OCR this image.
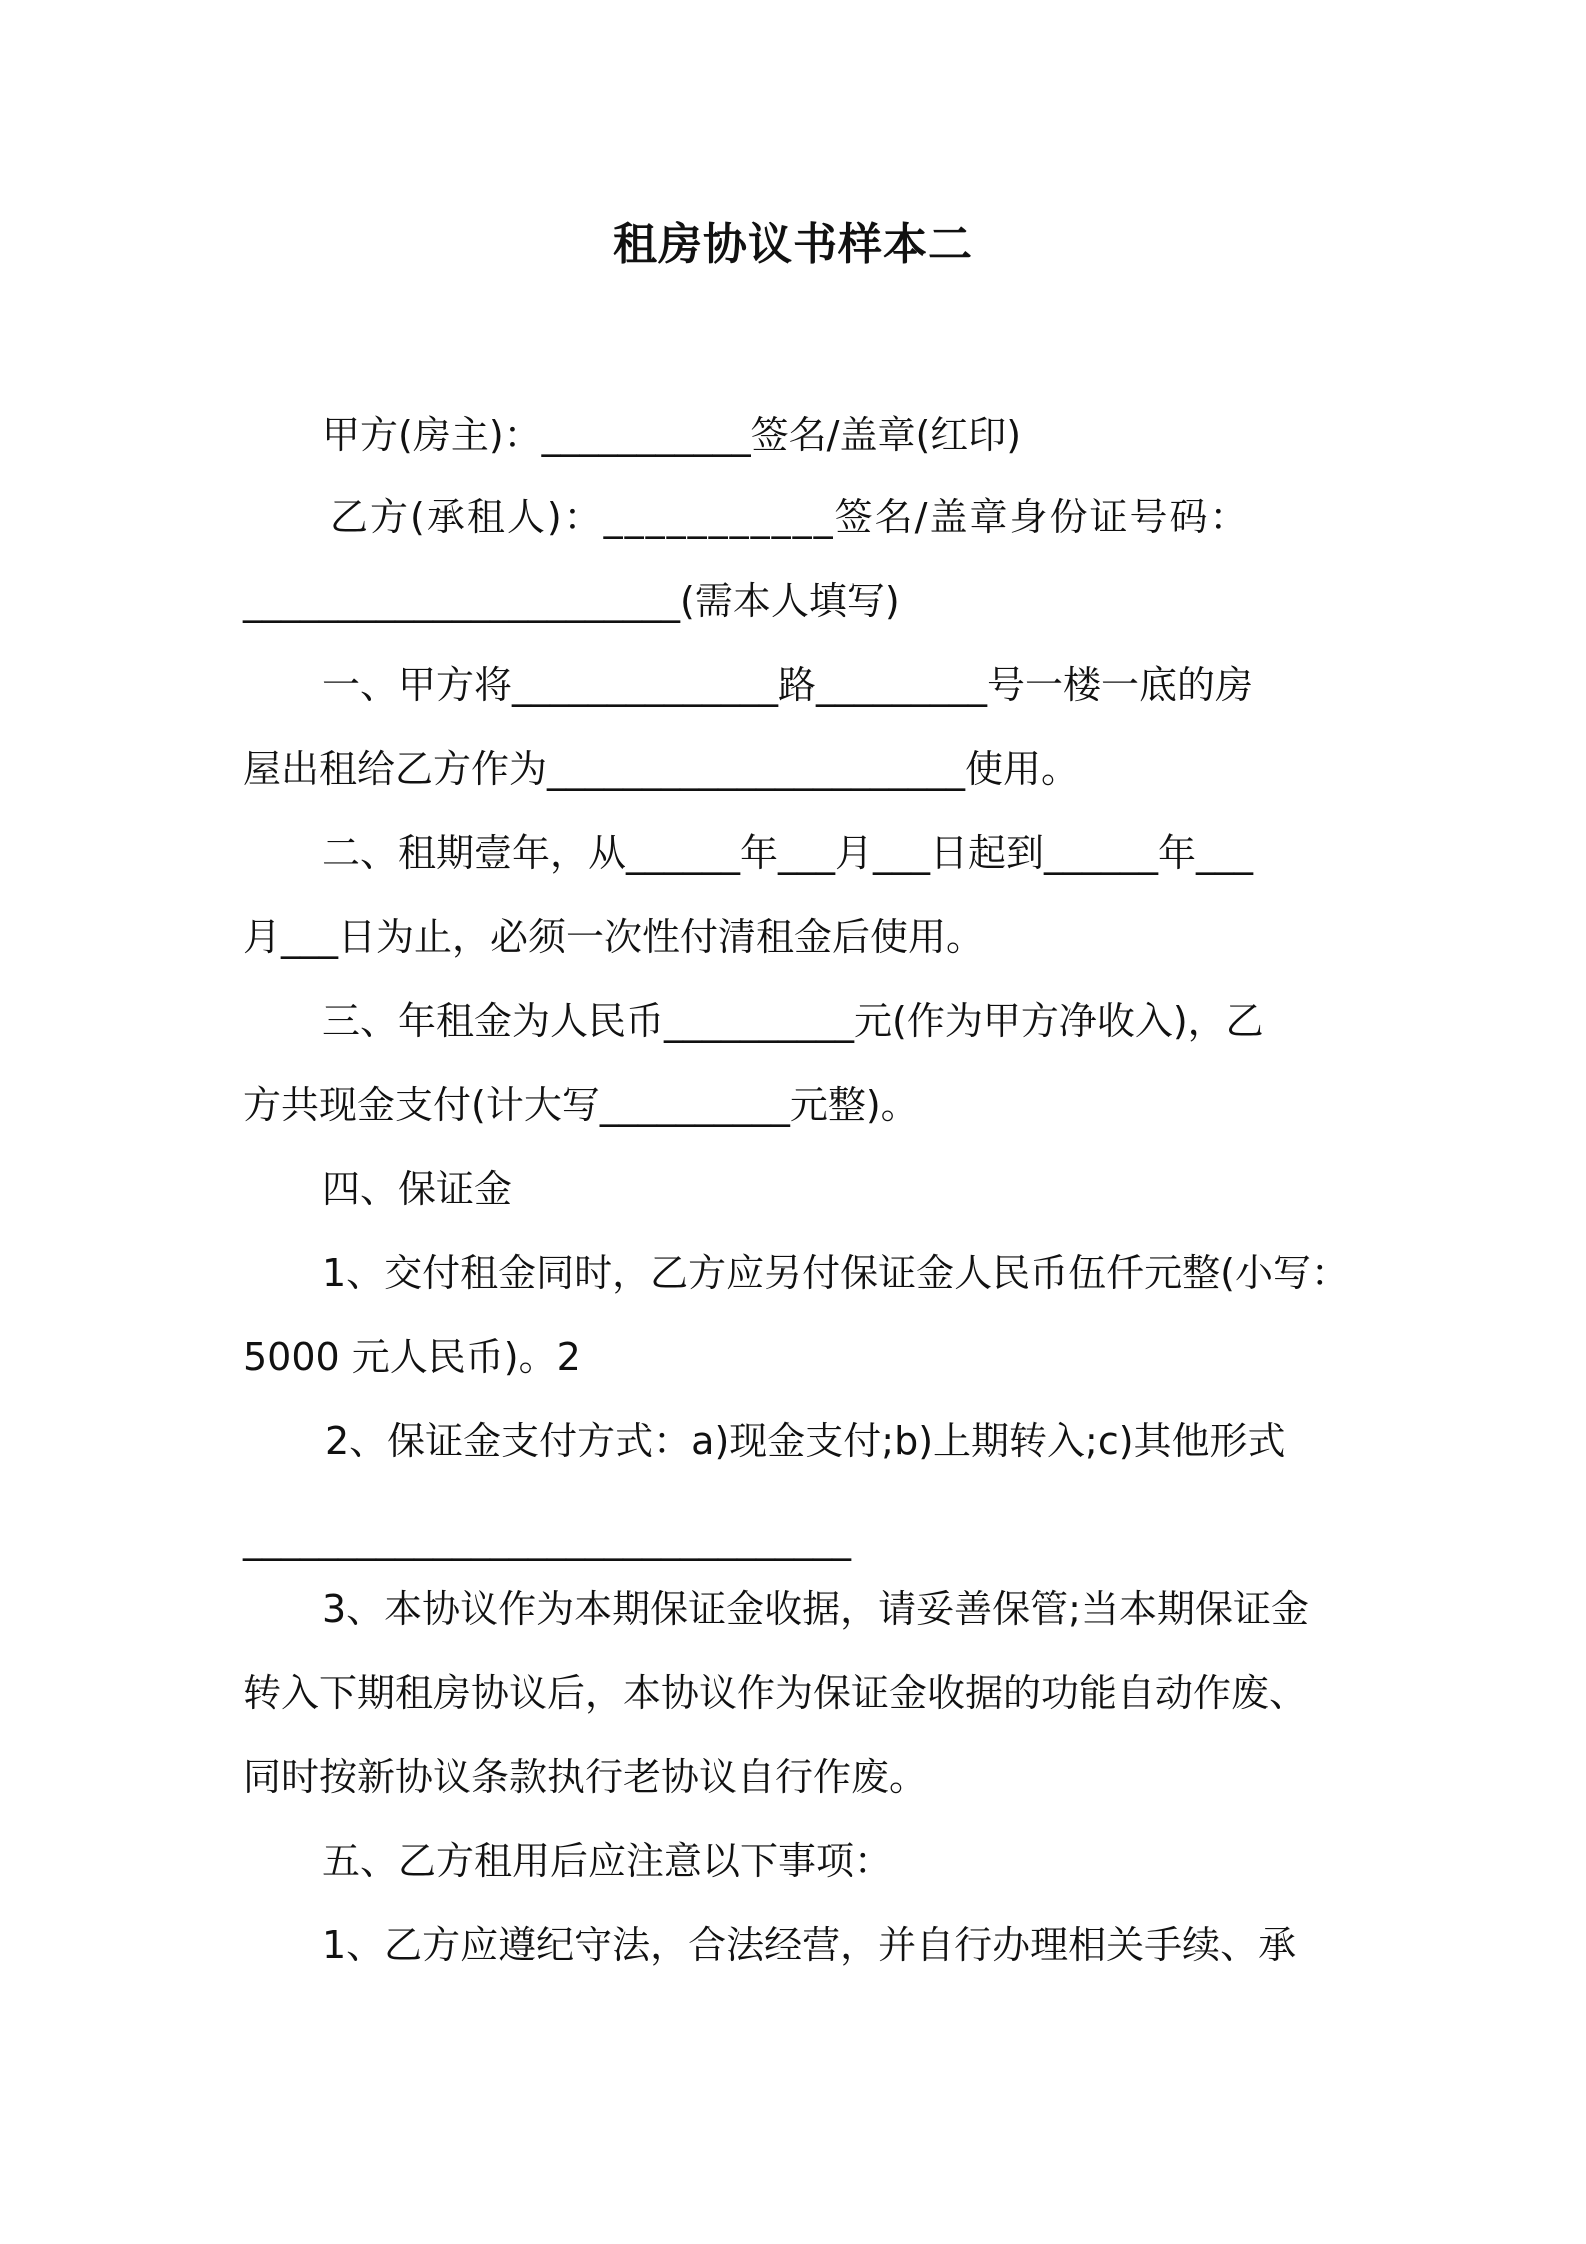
租房协议书样本二
甲方(房主)：___________签名/盖章(红印)
乙方(承租人)：___________签名/盖章身份证号码：
_______________________(需本人填写)
一、甲方将______________路_________号一楼一底的房
屋出租给乙方作为______________________使用。
二、租期壹年，从______年___月___日起到______年___
月___日为止，必须一次性付清租金后使用。
三、年租金为人民币__________元(作为甲方净收入)，乙
方共现金支付(计大写__________元整)。
四、保证金
1、交付租金同时，乙方应另付保证金人民币伍仟元整(小写：
5000 元人民币)。2
2、保证金支付方式：a)现金支付;b)上期转入;c)其他形式
________________________________
3、本协议作为本期保证金收据，请妥善保管;当本期保证金
转入下期租房协议后，本协议作为保证金收据的功能自动作废、
同时按新协议条款执行老协议自行作废。
五、乙方租用后应注意以下事项：
1、乙方应遵纪守法，合法经营，并自行办理相关手续、承
